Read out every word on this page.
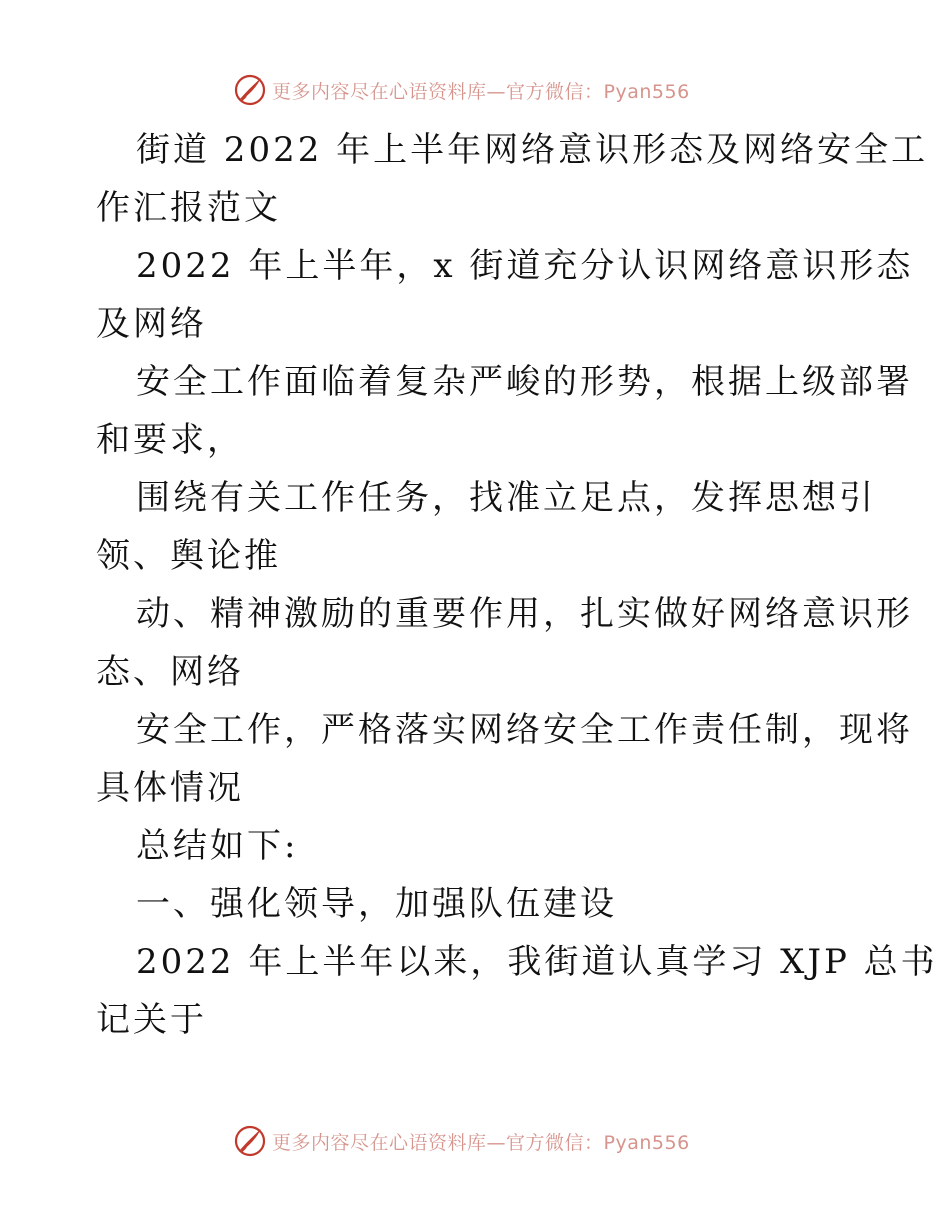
更多内容尽在心语资料库—官方微信：Pyan556
街道 2022 年上半年网络意识形态及网络安全工
作汇报范文
2022 年上半年，x 街道充分认识网络意识形态
及网络
安全工作面临着复杂严峻的形势，根据上级部署
和要求，
围绕有关工作任务，找准立足点，发挥思想引
领、舆论推
动、精神激励的重要作用，扎实做好网络意识形
态、网络
安全工作，严格落实网络安全工作责任制，现将
具体情况
总结如下:
一、强化领导，加强队伍建设
2022 年上半年以来，我街道认真学习 XJP 总书
记关于
更多内容尽在心语资料库—官方微信：Pyan556
